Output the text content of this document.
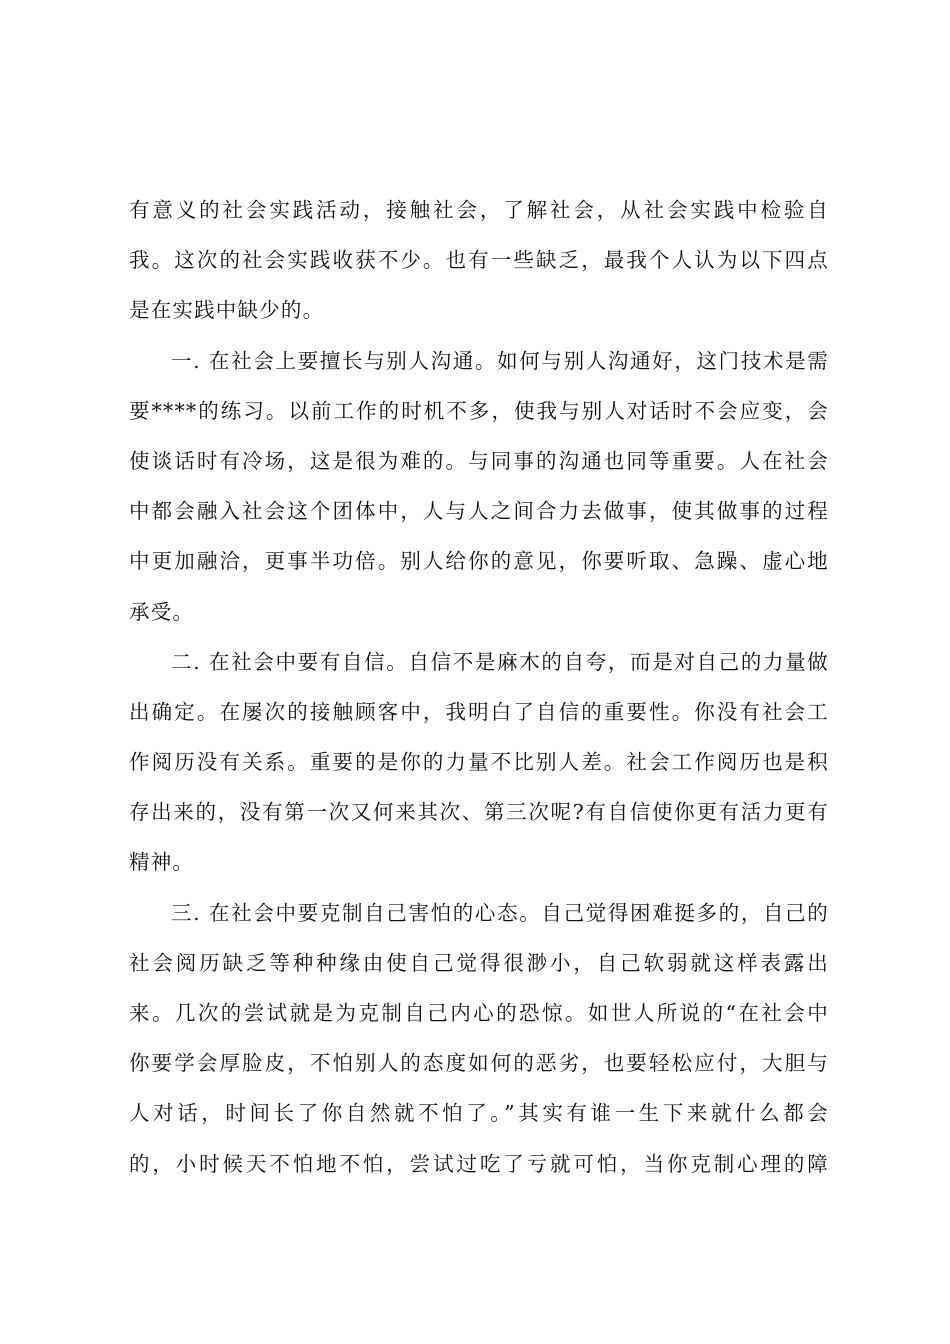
有意义的社会实践活动，接触社会，了解社会，从社会实践中检验自
我。这次的社会实践收获不少。也有一些缺乏，最我个人认为以下四点
是在实践中缺少的。
一. 在社会上要擅长与别人沟通。如何与别人沟通好，这门技术是需
要****的练习。以前工作的时机不多，使我与别人对话时不会应变，会
使谈话时有冷场，这是很为难的。与同事的沟通也同等重要。人在社会
中都会融入社会这个团体中，人与人之间合力去做事，使其做事的过程
中更加融洽，更事半功倍。别人给你的意见，你要听取、急躁、虚心地
承受。
二. 在社会中要有自信。自信不是麻木的自夸，而是对自己的力量做
出确定。在屡次的接触顾客中，我明白了自信的重要性。你没有社会工
作阅历没有关系。重要的是你的力量不比别人差。社会工作阅历也是积
存出来的，没有第一次又何来其次、第三次呢?有自信使你更有活力更有
精神。
三. 在社会中要克制自己害怕的心态。自己觉得困难挺多的，自己的
社会阅历缺乏等种种缘由使自己觉得很渺小，自己软弱就这样表露出
来。几次的尝试就是为克制自己内心的恐惊。如世人所说的“在社会中
你要学会厚脸皮，不怕别人的态度如何的恶劣，也要轻松应付，大胆与
人对话，时间长了你自然就不怕了。”其实有谁一生下来就什么都会
的，小时候天不怕地不怕，尝试过吃了亏就可怕，当你克制心理的障
